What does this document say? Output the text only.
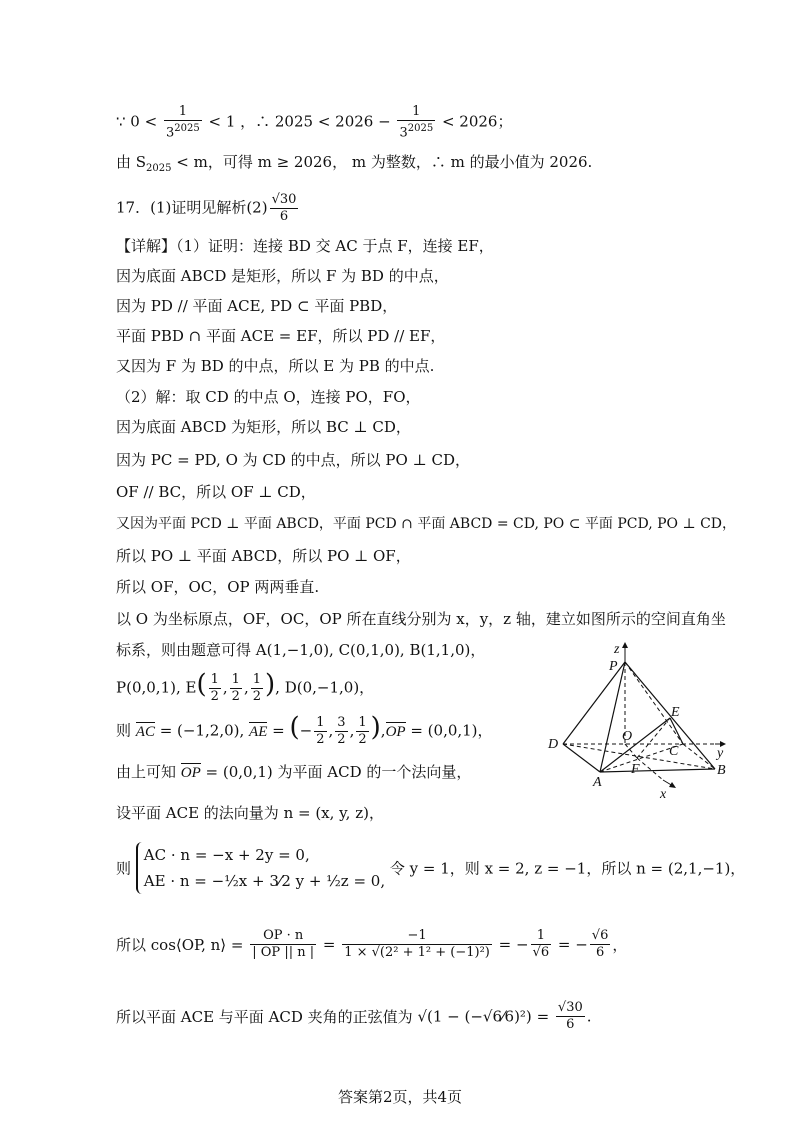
∵ $0 < \frac{1}{3^{2025}} < 1$ ，∴ $2025 < 2026 - \frac{1}{3^{2025}} < 2026$；
由 $S_{2025} < m$，可得 m ≥ 2026， m 为整数，∴ m 的最小值为 2026.
17．(1)证明见解析$(2) \frac{√30}{6}$
【详解】（1）证明：连接 BD 交 AC 于点 F，连接 EF，
因为底面 ABCD 是矩形，所以 F 为 BD 的中点，
因为 PD // 平面 ACE, PD ⊂ 平面 PBD，
平面 PBD ∩ 平面 ACE = EF，所以 PD // EF，
又因为 F 为 BD 的中点，所以 E 为 PB 的中点.
（2）解：取 CD 的中点 O，连接 PO，FO，
因为底面 ABCD 为矩形，所以 BC ⊥ CD，
因为 PC = PD, O 为 CD 的中点，所以 PO ⊥ CD，
OF // BC，所以 OF ⊥ CD，
又因为平面 PCD ⊥ 平面 ABCD，平面 PCD ∩ 平面 ABCD = CD, PO ⊂ 平面 PCD, PO ⊥ CD，
所以 PO ⊥ 平面 ABCD，所以 PO ⊥ OF，
所以 OF，OC，OP 两两垂直.
以 O 为坐标原点，OF，OC，OP 所在直线分别为 x，y，z 轴，建立如图所示的空间直角坐
标系，则由题意可得 A(1,−1,0), C(0,1,0), B(1,1,0)，
P(0,0,1), $E( \frac{1}{2}$ , $\frac{1}{2}$ , $\frac{1}{2}$ ), D(0,−1,0)，
则 AC = (−1,2,0), AE = (− $\frac{1}{2}$ , $\frac{3}{2}$ , $\frac{1}{2} ),OP = (0,0,1)$，
由上可知 OP = (0,0,1) 为平面 ACD 的一个法向量，
设平面 ACE 的法向量为 n = (x, y, z)，
则
AC · n = −x + 2y = 0,
AE · n = −½x + 3⁄2 y + ½z = 0,
令 y = 1，则 x = 2, z = −1，所以 n = (2,1,−1)，
所以 cos⟨OP, n⟩ = $\frac{OP \cdot n}{| OP || n |} = \frac{-1}{\text{1 × √(2² + 1² + (−1)²)}}$ = − $\frac{1}{√6}$ = − $\frac{√6}{6}$ ，
所以平面 ACE 与平面 ACD 夹角的正弦值为 √(1 − (−√6⁄6)²) = $\frac{√30}{6}$ .
z
P
E
O
C	y
D
F	B
A
x
答案第2页，共4页
